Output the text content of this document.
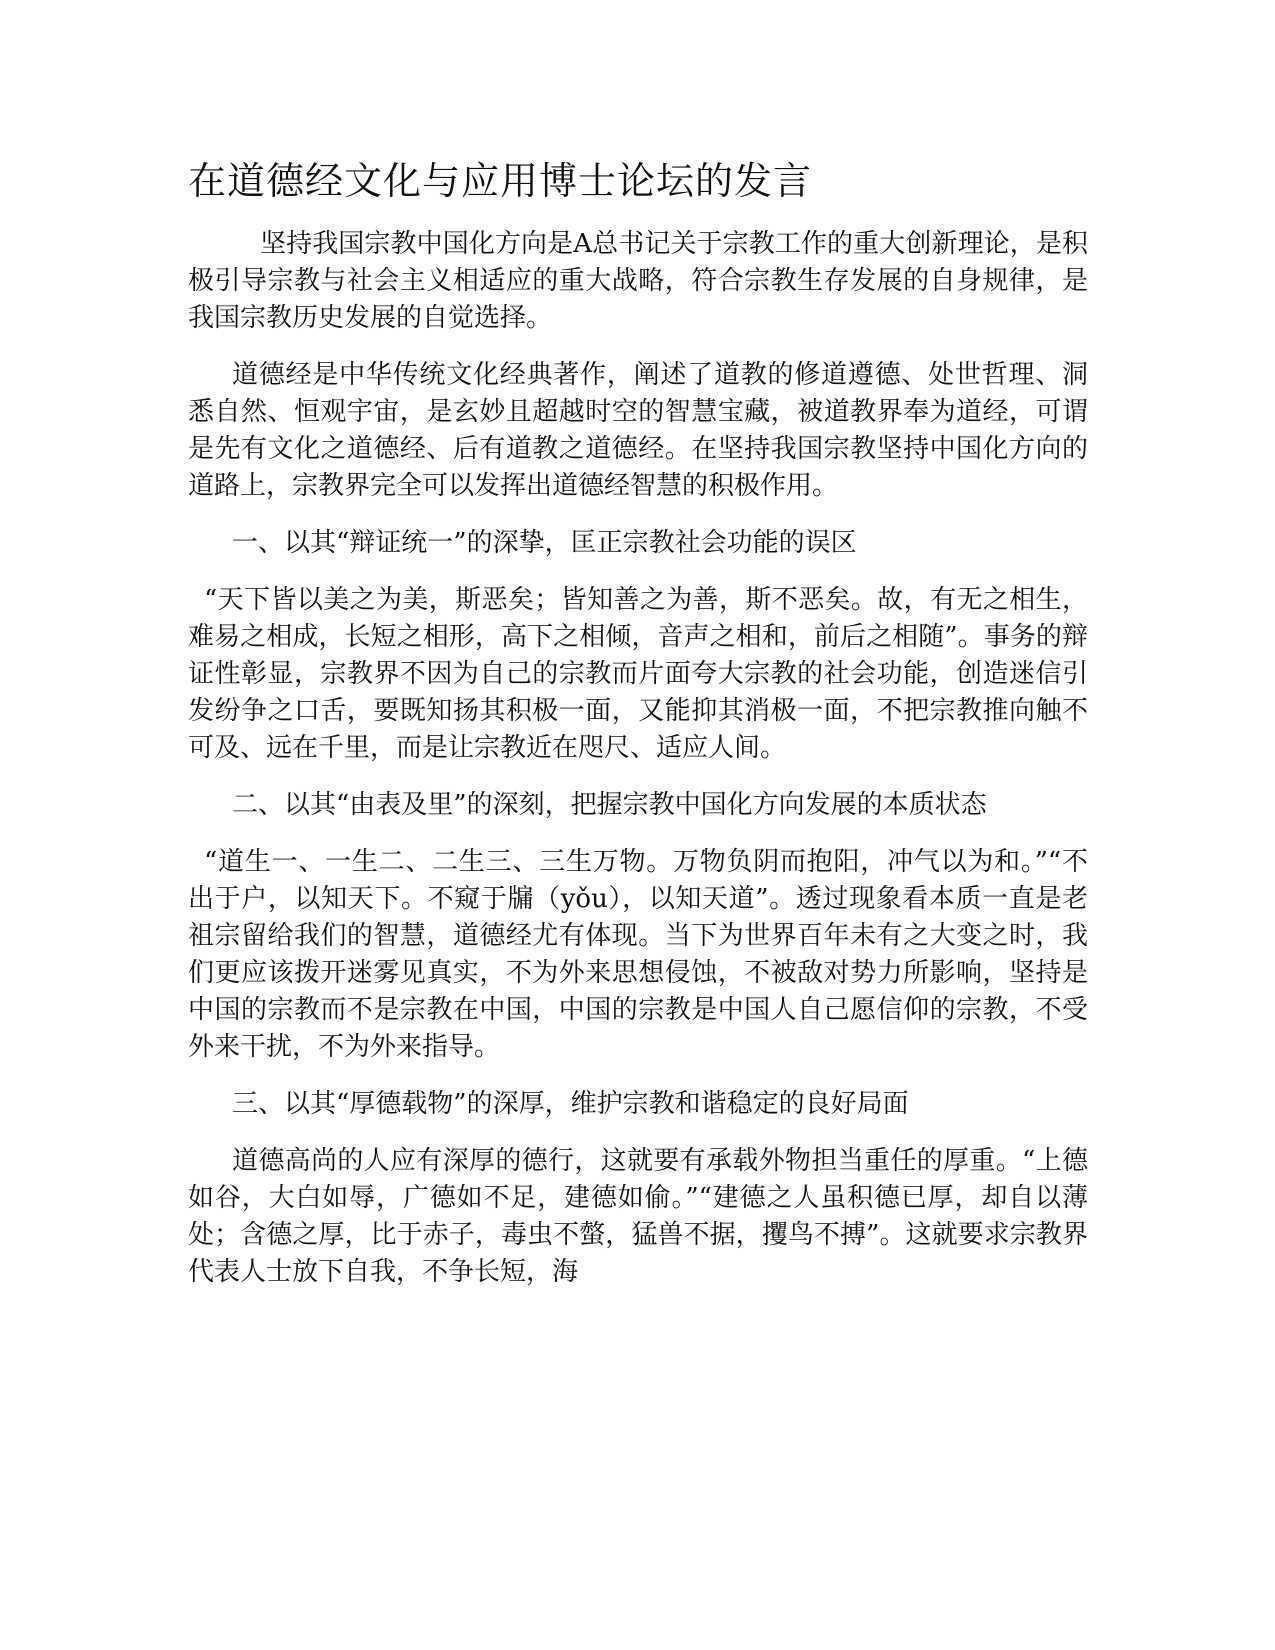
在道德经文化与应用博士论坛的发言

坚持我国宗教中国化方向是A总书记关于宗教工作的重大创新理论，是积极引导宗教与社会主义相适应的重大战略，符合宗教生存发展的自身规律，是我国宗教历史发展的自觉选择。

道德经是中华传统文化经典著作，阐述了道教的修道遵德、处世哲理、洞悉自然、恒观宇宙，是玄妙且超越时空的智慧宝藏，被道教界奉为道经，可谓是先有文化之道德经、后有道教之道德经。在坚持我国宗教坚持中国化方向的道路上，宗教界完全可以发挥出道德经智慧的积极作用。

一、以其“辩证统一”的深挚，匡正宗教社会功能的误区

“天下皆以美之为美，斯恶矣；皆知善之为善，斯不恶矣。故，有无之相生，难易之相成，长短之相形，高下之相倾，音声之相和，前后之相随”。事务的辩证性彰显，宗教界不因为自己的宗教而片面夸大宗教的社会功能，创造迷信引发纷争之口舌，要既知扬其积极一面，又能抑其消极一面，不把宗教推向触不可及、远在千里，而是让宗教近在咫尺、适应人间。

二、以其“由表及里”的深刻，把握宗教中国化方向发展的本质状态

“道生一、一生二、二生三、三生万物。万物负阴而抱阳，冲气以为和。”“不出于户，以知天下。不窥于牖（yǒu），以知天道”。透过现象看本质一直是老祖宗留给我们的智慧，道德经尤有体现。当下为世界百年未有之大变之时，我们更应该拨开迷雾见真实，不为外来思想侵蚀，不被敌对势力所影响，坚持是中国的宗教而不是宗教在中国，中国的宗教是中国人自己愿信仰的宗教，不受外来干扰，不为外来指导。

三、以其“厚德载物”的深厚，维护宗教和谐稳定的良好局面

道德高尚的人应有深厚的德行，这就要有承载外物担当重任的厚重。“上德如谷，大白如辱，广德如不足，建德如偷。”“建德之人虽积德已厚，却自以薄处；含德之厚，比于赤子，毒虫不螫，猛兽不据，攫鸟不搏”。这就要求宗教界代表人士放下自我，不争长短，海
